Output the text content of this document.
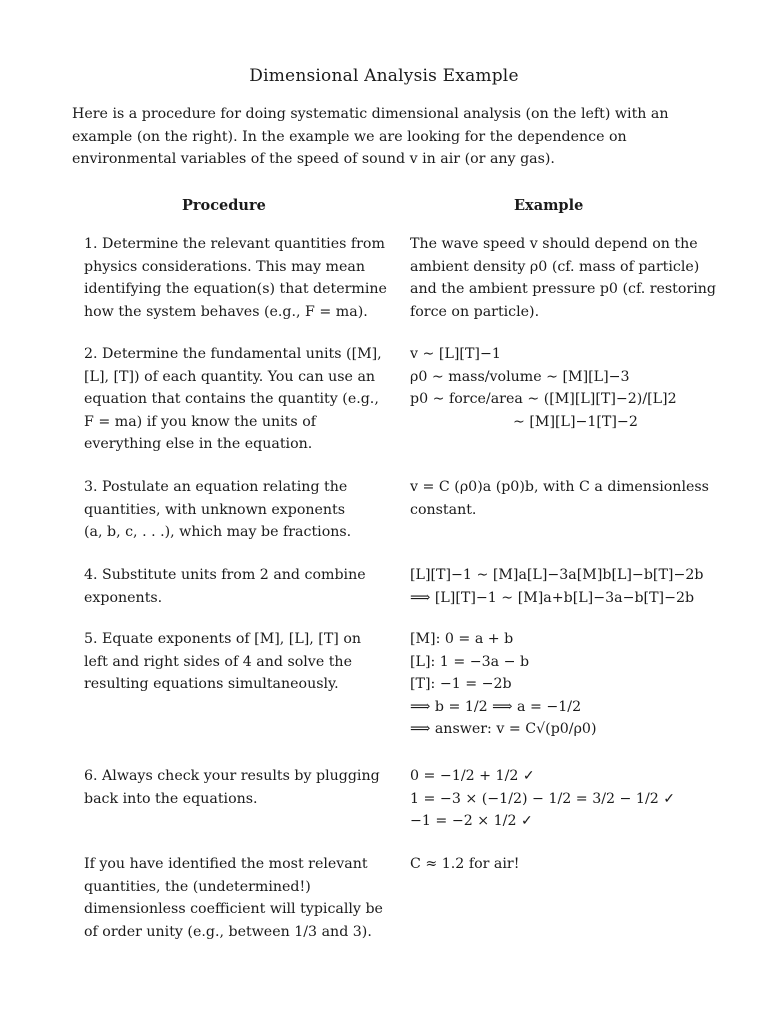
Dimensional Analysis Example
Here is a procedure for doing systematic dimensional analysis (on the left) with an example (on the right). In the example we are looking for the dependence on environmental variables of the speed of sound v in air (or any gas).
Procedure	Example
1. Determine the relevant quantities from
physics considerations. This may mean
identifying the equation(s) that determine
how the system behaves (e.g., F = ma).
The wave speed v should depend on the
ambient density ρ0 (cf. mass of particle)
and the ambient pressure p0 (cf. restoring
force on particle).
2. Determine the fundamental units ([M],
[L], [T]) of each quantity. You can use an
equation that contains the quantity (e.g.,
F = ma) if you know the units of
everything else in the equation.
v ∼ [L][T]−1
ρ0 ∼ mass/volume ∼ [M][L]−3
p0 ∼ force/area ∼ ([M][L][T]−2)/[L]2
∼ [M][L]−1[T]−2
3. Postulate an equation relating the
quantities, with unknown exponents
(a, b, c, . . .), which may be fractions.
v = C (ρ0)a (p0)b, with C a dimensionless
constant.
4. Substitute units from 2 and combine
exponents.
[L][T]−1 ∼ [M]a[L]−3a[M]b[L]−b[T]−2b
⟹ [L][T]−1 ∼ [M]a+b[L]−3a−b[T]−2b
5. Equate exponents of [M], [L], [T] on
left and right sides of 4 and solve the
resulting equations simultaneously.
[M]: 0 = a + b
[L]: 1 = −3a − b
[T]: −1 = −2b
⟹ b = 1/2 ⟹ a = −1/2
⟹ answer: v = C√(p0/ρ0)
6. Always check your results by plugging
back into the equations.
0 = −1/2 + 1/2 ✓
1 = −3 × (−1/2) − 1/2 = 3/2 − 1/2 ✓
−1 = −2 × 1/2 ✓
If you have identified the most relevant
quantities, the (undetermined!)
dimensionless coefficient will typically be
of order unity (e.g., between 1/3 and 3).
C ≈ 1.2 for air!
